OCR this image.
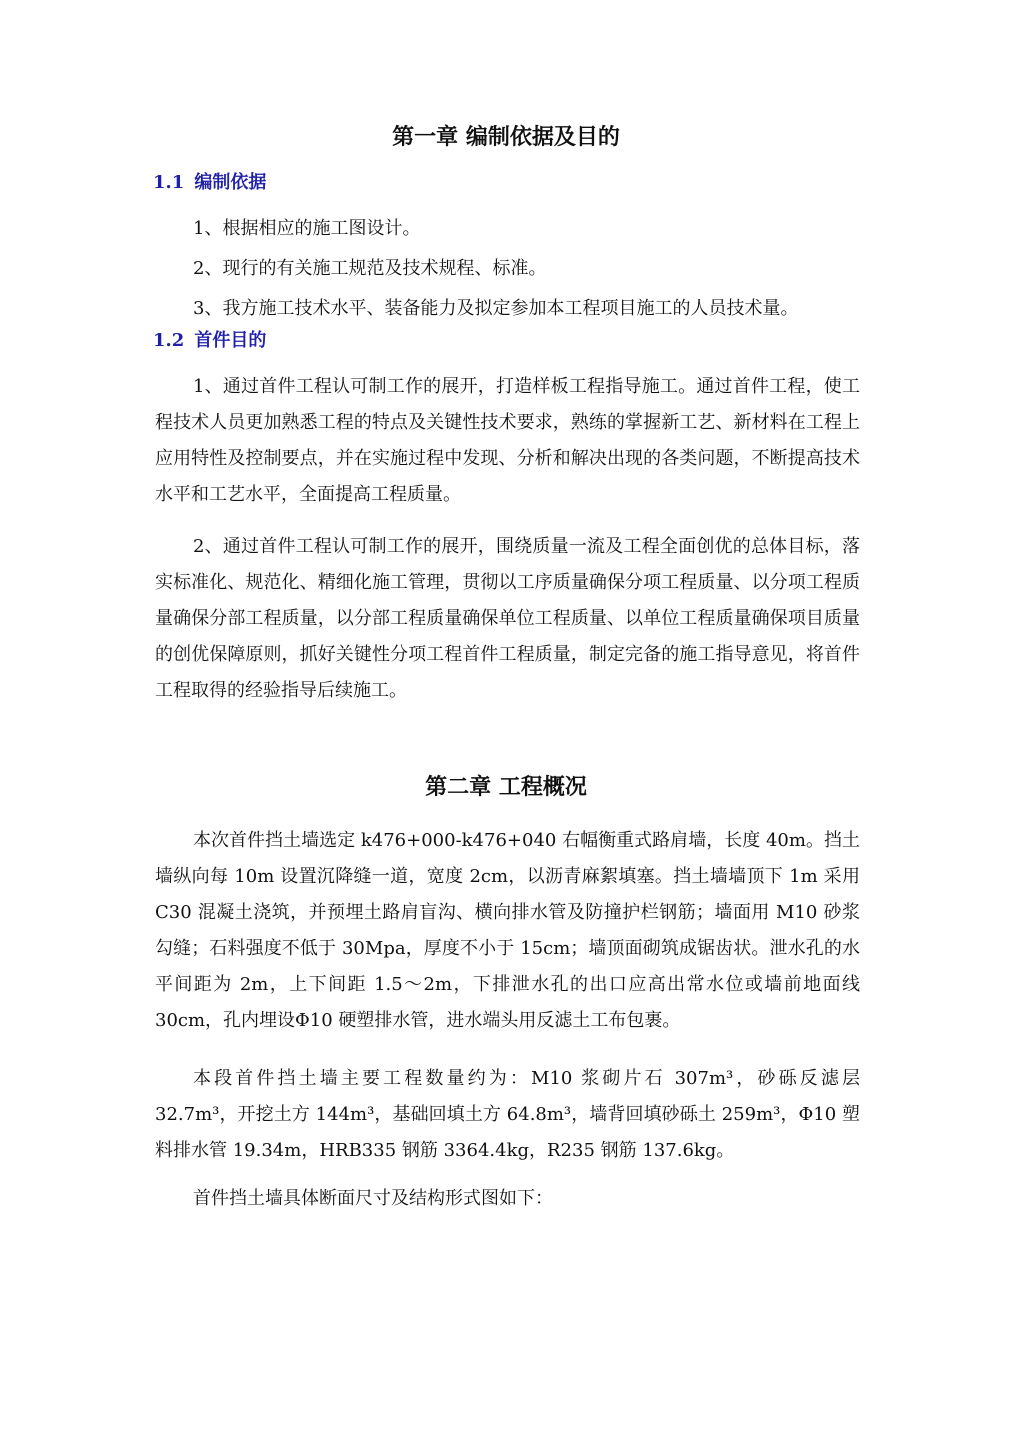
第一章 编制依据及目的
1.1 编制依据

1、根据相应的施工图设计。

2、现行的有关施工规范及技术规程、标准。

3、我方施工技术水平、装备能力及拟定参加本工程项目施工的人员技术量。

1.2 首件目的

1、通过首件工程认可制工作的展开，打造样板工程指导施工。通过首件工程，使工程技术人员更加熟悉工程的特点及关键性技术要求，熟练的掌握新工艺、新材料在工程上应用特性及控制要点，并在实施过程中发现、分析和解决出现的各类问题，不断提高技术水平和工艺水平，全面提高工程质量。

2、通过首件工程认可制工作的展开，围绕质量一流及工程全面创优的总体目标，落实标准化、规范化、精细化施工管理，贯彻以工序质量确保分项工程质量、以分项工程质量确保分部工程质量，以分部工程质量确保单位工程质量、以单位工程质量确保项目质量的创优保障原则，抓好关键性分项工程首件工程质量，制定完备的施工指导意见，将首件工程取得的经验指导后续施工。

第二章 工程概况

本次首件挡土墙选定 k476+000-k476+040 右幅衡重式路肩墙，长度 40m。挡土墙纵向每 10m 设置沉降缝一道，宽度 2cm，以沥青麻絮填塞。挡土墙墙顶下 1m 采用 C30 混凝土浇筑，并预埋土路肩盲沟、横向排水管及防撞护栏钢筋；墙面用 M10 砂浆勾缝；石料强度不低于 30Mpa，厚度不小于 15cm；墙顶面砌筑成锯齿状。泄水孔的水平间距为 2m，上下间距 1.5～2m，下排泄水孔的出口应高出常水位或墙前地面线 30cm，孔内埋设Φ10 硬塑排水管，进水端头用反滤土工布包裹。

本段首件挡土墙主要工程数量约为：M10 浆砌片石 307m³，砂砾反滤层 32.7m³，开挖土方 144m³，基础回填土方 64.8m³，墙背回填砂砾土 259m³，Φ10 塑料排水管 19.34m，HRB335 钢筋 3364.4kg，R235 钢筋 137.6kg。

首件挡土墙具体断面尺寸及结构形式图如下：
